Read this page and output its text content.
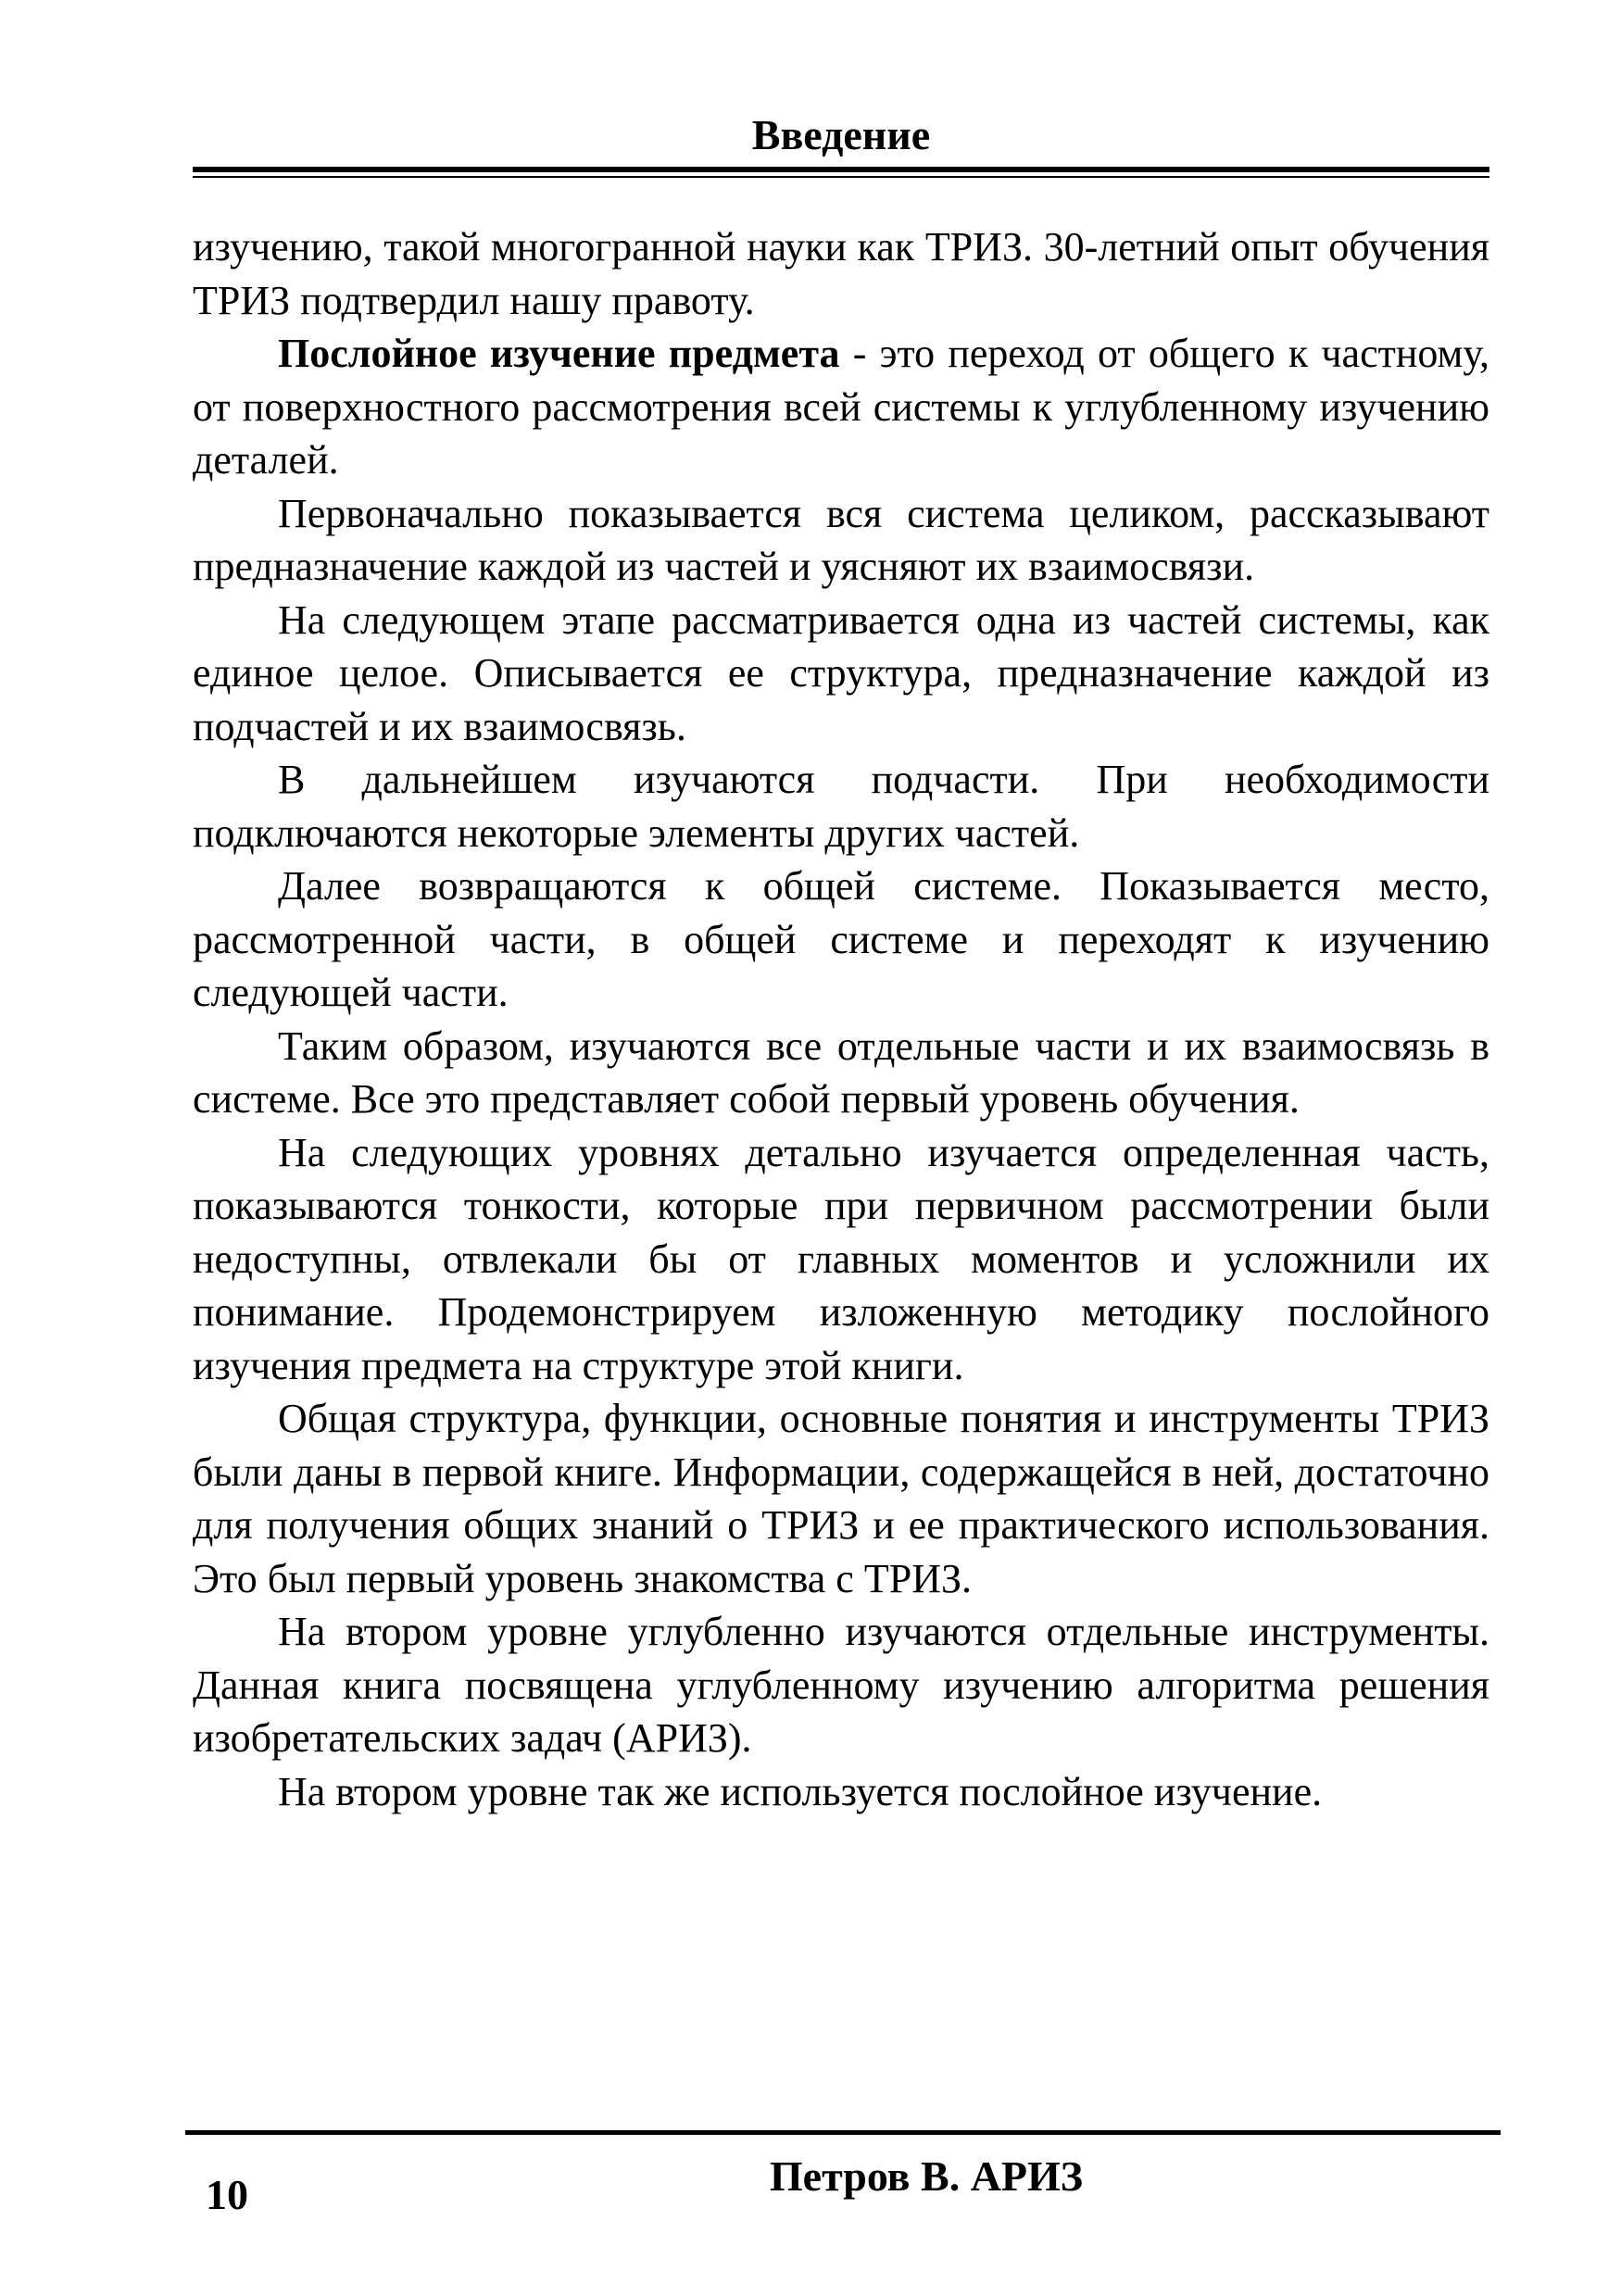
Введение

изучению, такой многогранной науки как ТРИЗ. 30-летний опыт обучения ТРИЗ подтвердил нашу правоту.

Послойное изучение предмета - это переход от общего к частному, от поверхностного рассмотрения всей системы к углубленному изучению деталей.

Первоначально показывается вся система целиком, рассказывают предназначение каждой из частей и уясняют их взаимосвязи.

На следующем этапе рассматривается одна из частей системы, как единое целое. Описывается ее структура, предназначение каждой из подчастей и их взаимосвязь.

В дальнейшем изучаются подчасти. При необходимости подключаются некоторые элементы других частей.

Далее возвращаются к общей системе. Показывается место, рассмотренной части, в общей системе и переходят к изучению следующей части.

Таким образом, изучаются все отдельные части и их взаимосвязь в системе. Все это представляет собой первый уровень обучения.

На следующих уровнях детально изучается определенная часть, показываются тонкости, которые при первичном рассмотрении были недоступны, отвлекали бы от главных моментов и усложнили их понимание. Продемонстрируем изложенную методику послойного изучения предмета на структуре этой книги.

Общая структура, функции, основные понятия и инструменты ТРИЗ были даны в первой книге. Информации, содержащейся в ней, достаточно для получения общих знаний о ТРИЗ и ее практического использования. Это был первый уровень знакомства с ТРИЗ.

На втором уровне углубленно изучаются отдельные инструменты. Данная книга посвящена углубленному изучению алгоритма решения изобретательских задач (АРИЗ).

На втором уровне так же используется послойное изучение.

10	Петров В. АРИЗ
